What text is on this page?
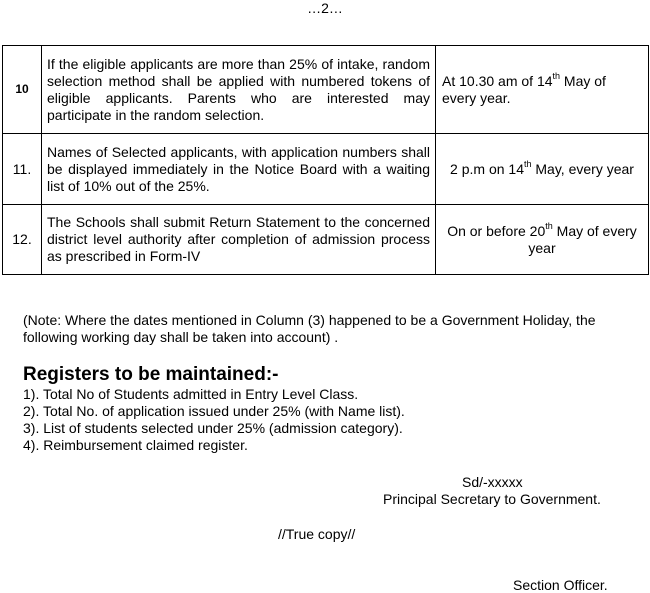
…2…
10	If the eligible applicants are more than 25% of intake, random selection method shall be applied with numbered tokens of eligible applicants. Parents who are interested may participate in the random selection.	At 10.30 am of 14th May of every year.
11.	Names of Selected applicants, with application numbers shall be displayed immediately in the Notice Board with a waiting list of 10% out of the 25%.	2 p.m on 14th May, every year
12.	The Schools shall submit Return Statement to the concerned district level authority after completion of admission process as prescribed in Form-IV	On or before 20th May of every year
(Note: Where the dates mentioned in Column (3) happened to be a Government Holiday, the following working day shall be taken into account) .
Registers to be maintained:-
1). Total No of Students admitted in Entry Level Class.
2). Total No. of application issued under 25% (with Name list).
3). List of students selected under 25% (admission category).
4). Reimbursement claimed register.
Sd/-xxxxx
Principal Secretary to Government.
//True copy//
Section Officer.
